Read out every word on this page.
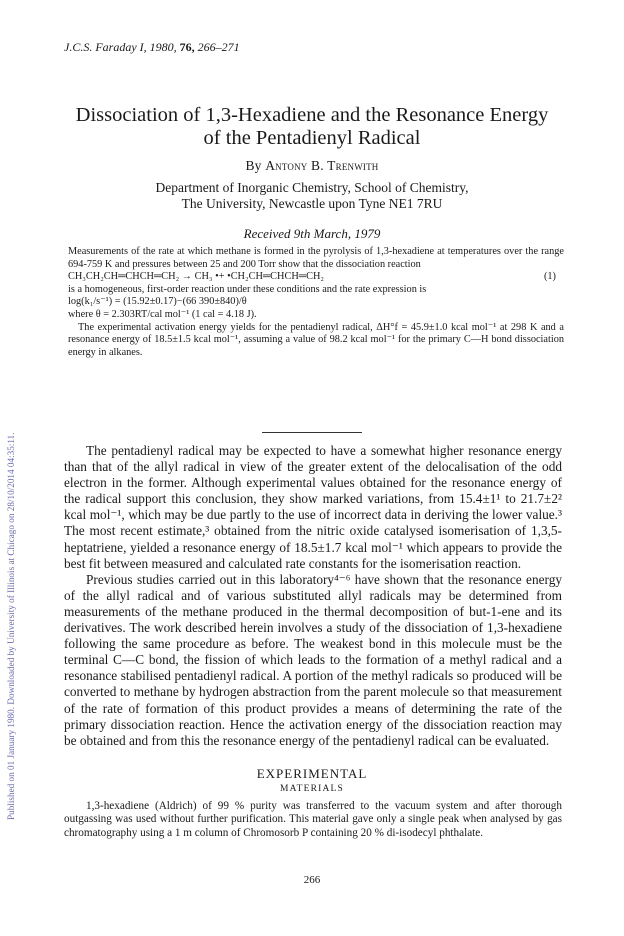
Published on 01 January 1980. Downloaded by University of Illinois at Chicago on 28/10/2014 04:35:11.
J.C.S. Faraday I, 1980, 76, 266–271
Dissociation of 1,3-Hexadiene and the Resonance Energy
of the Pentadienyl Radical
By Antony B. Trenwith
Department of Inorganic Chemistry, School of Chemistry,
The University, Newcastle upon Tyne NE1 7RU
Received 9th March, 1979

Measurements of the rate at which methane is formed in the pyrolysis of 1,3-hexadiene at temperatures over the range 694-759 K and pressures between 25 and 200 Torr show that the dissociation reaction

CH₃CH₂CH═CHCH═CH₂ → CH₃ •+ •CH₂CH═CHCH═CH₂	(1)

is a homogeneous, first-order reaction under these conditions and the rate expression is

log(k₁/s⁻¹) = (15.92±0.17)−(66 390±840)/θ

where θ = 2.303RT/cal mol⁻¹ (1 cal = 4.18 J).

The experimental activation energy yields for the pentadienyl radical, ΔH°f = 45.9±1.0 kcal mol⁻¹ at 298 K and a resonance energy of 18.5±1.5 kcal mol⁻¹, assuming a value of 98.2 kcal mol⁻¹ for the primary C—H bond dissociation energy in alkanes.

The pentadienyl radical may be expected to have a somewhat higher resonance energy than that of the allyl radical in view of the greater extent of the delocalisation of the odd electron in the former. Although experimental values obtained for the resonance energy of the radical support this conclusion, they show marked variations, from 15.4±1¹ to 21.7±2² kcal mol⁻¹, which may be due partly to the use of incorrect data in deriving the lower value.³ The most recent estimate,³ obtained from the nitric oxide catalysed isomerisation of 1,3,5-heptatriene, yielded a resonance energy of 18.5±1.7 kcal mol⁻¹ which appears to provide the best fit between measured and calculated rate constants for the isomerisation reaction.

Previous studies carried out in this laboratory⁴⁻⁶ have shown that the resonance energy of the allyl radical and of various substituted allyl radicals may be determined from measurements of the methane produced in the thermal decomposition of but-1-ene and its derivatives. The work described herein involves a study of the dissociation of 1,3-hexadiene following the same procedure as before. The weakest bond in this molecule must be the terminal C—C bond, the fission of which leads to the formation of a methyl radical and a resonance stabilised pentadienyl radical. A portion of the methyl radicals so produced will be converted to methane by hydrogen abstraction from the parent molecule so that measurement of the rate of formation of this product provides a means of determining the rate of the primary dissociation reaction. Hence the activation energy of the dissociation reaction may be obtained and from this the resonance energy of the pentadienyl radical can be evaluated.

EXPERIMENTAL
MATERIALS

1,3-hexadiene (Aldrich) of 99 % purity was transferred to the vacuum system and after thorough outgassing was used without further purification. This material gave only a single peak when analysed by gas chromatography using a 1 m column of Chromosorb P containing 20 % di-isodecyl phthalate.

266
